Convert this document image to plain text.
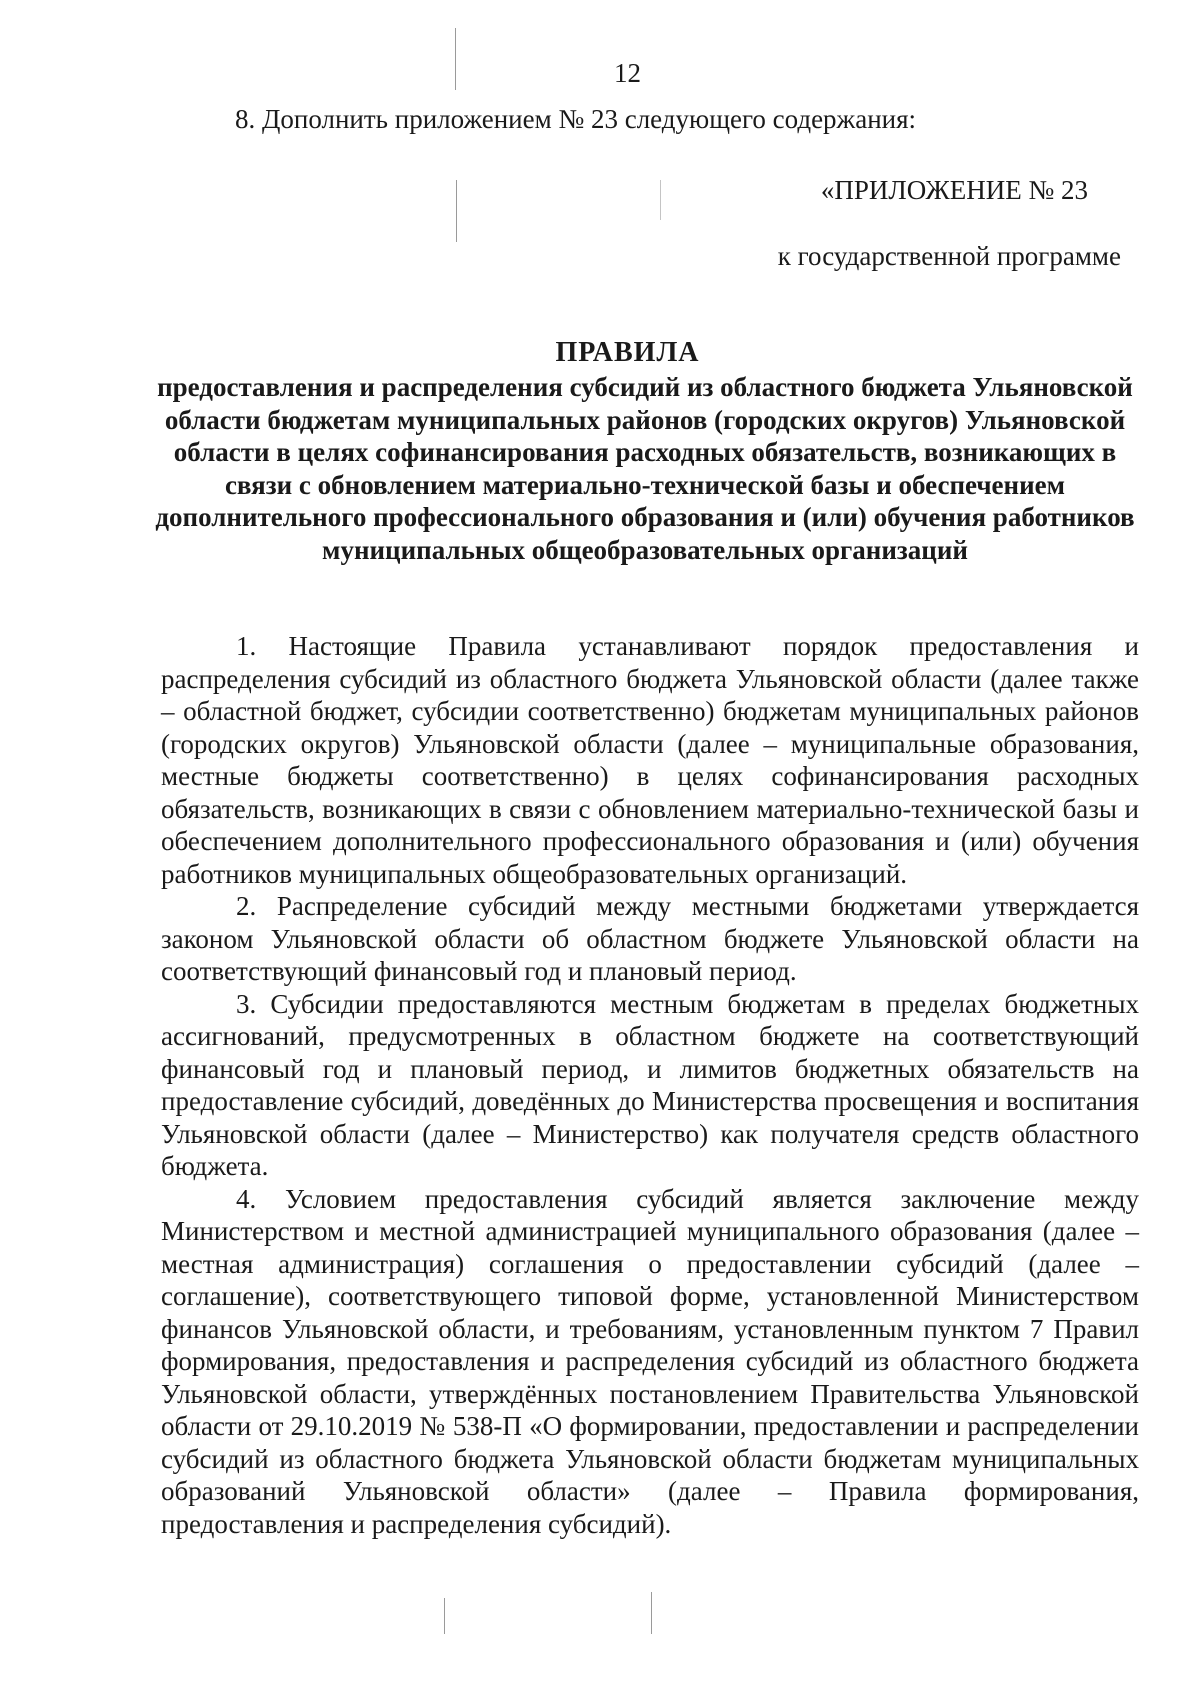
12
8. Дополнить приложением № 23 следующего содержания:
«ПРИЛОЖЕНИЕ № 23
к государственной программе
ПРАВИЛА
предоставления и распределения субсидий из областного бюджета Ульяновской области бюджетам муниципальных районов (городских округов) Ульяновской области в целях софинансирования расходных обязательств, возникающих в связи с обновлением материально-технической базы и обеспечением дополнительного профессионального образования и (или) обучения работников муниципальных общеобразовательных организаций

1. Настоящие Правила устанавливают порядок предоставления и распределения субсидий из областного бюджета Ульяновской области (далее также – областной бюджет, субсидии соответственно) бюджетам муниципальных районов (городских округов) Ульяновской области (далее – муниципальные образования, местные бюджеты соответственно) в целях софинансирования расходных обязательств, возникающих в связи с обновлением материально-технической базы и обеспечением дополнительного профессионального образования и (или) обучения работников муниципальных общеобразовательных организаций.

2. Распределение субсидий между местными бюджетами утверждается законом Ульяновской области об областном бюджете Ульяновской области на соответствующий финансовый год и плановый период.

3. Субсидии предоставляются местным бюджетам в пределах бюджетных ассигнований, предусмотренных в областном бюджете на соответствующий финансовый год и плановый период, и лимитов бюджетных обязательств на предоставление субсидий, доведённых до Министерства просвещения и воспитания Ульяновской области (далее – Министерство) как получателя средств областного бюджета.

4. Условием предоставления субсидий является заключение между Министерством и местной администрацией муниципального образования (далее – местная администрация) соглашения о предоставлении субсидий (далее – соглашение), соответствующего типовой форме, установленной Министерством финансов Ульяновской области, и требованиям, установленным пунктом 7 Правил формирования, предоставления и распределения субсидий из областного бюджета Ульяновской области, утверждённых постановлением Правительства Ульяновской области от 29.10.2019 № 538-П «О формировании, предоставлении и распределении субсидий из областного бюджета Ульяновской области бюджетам муниципальных образований Ульяновской области» (далее – Правила формирования, предоставления и распределения субсидий).
